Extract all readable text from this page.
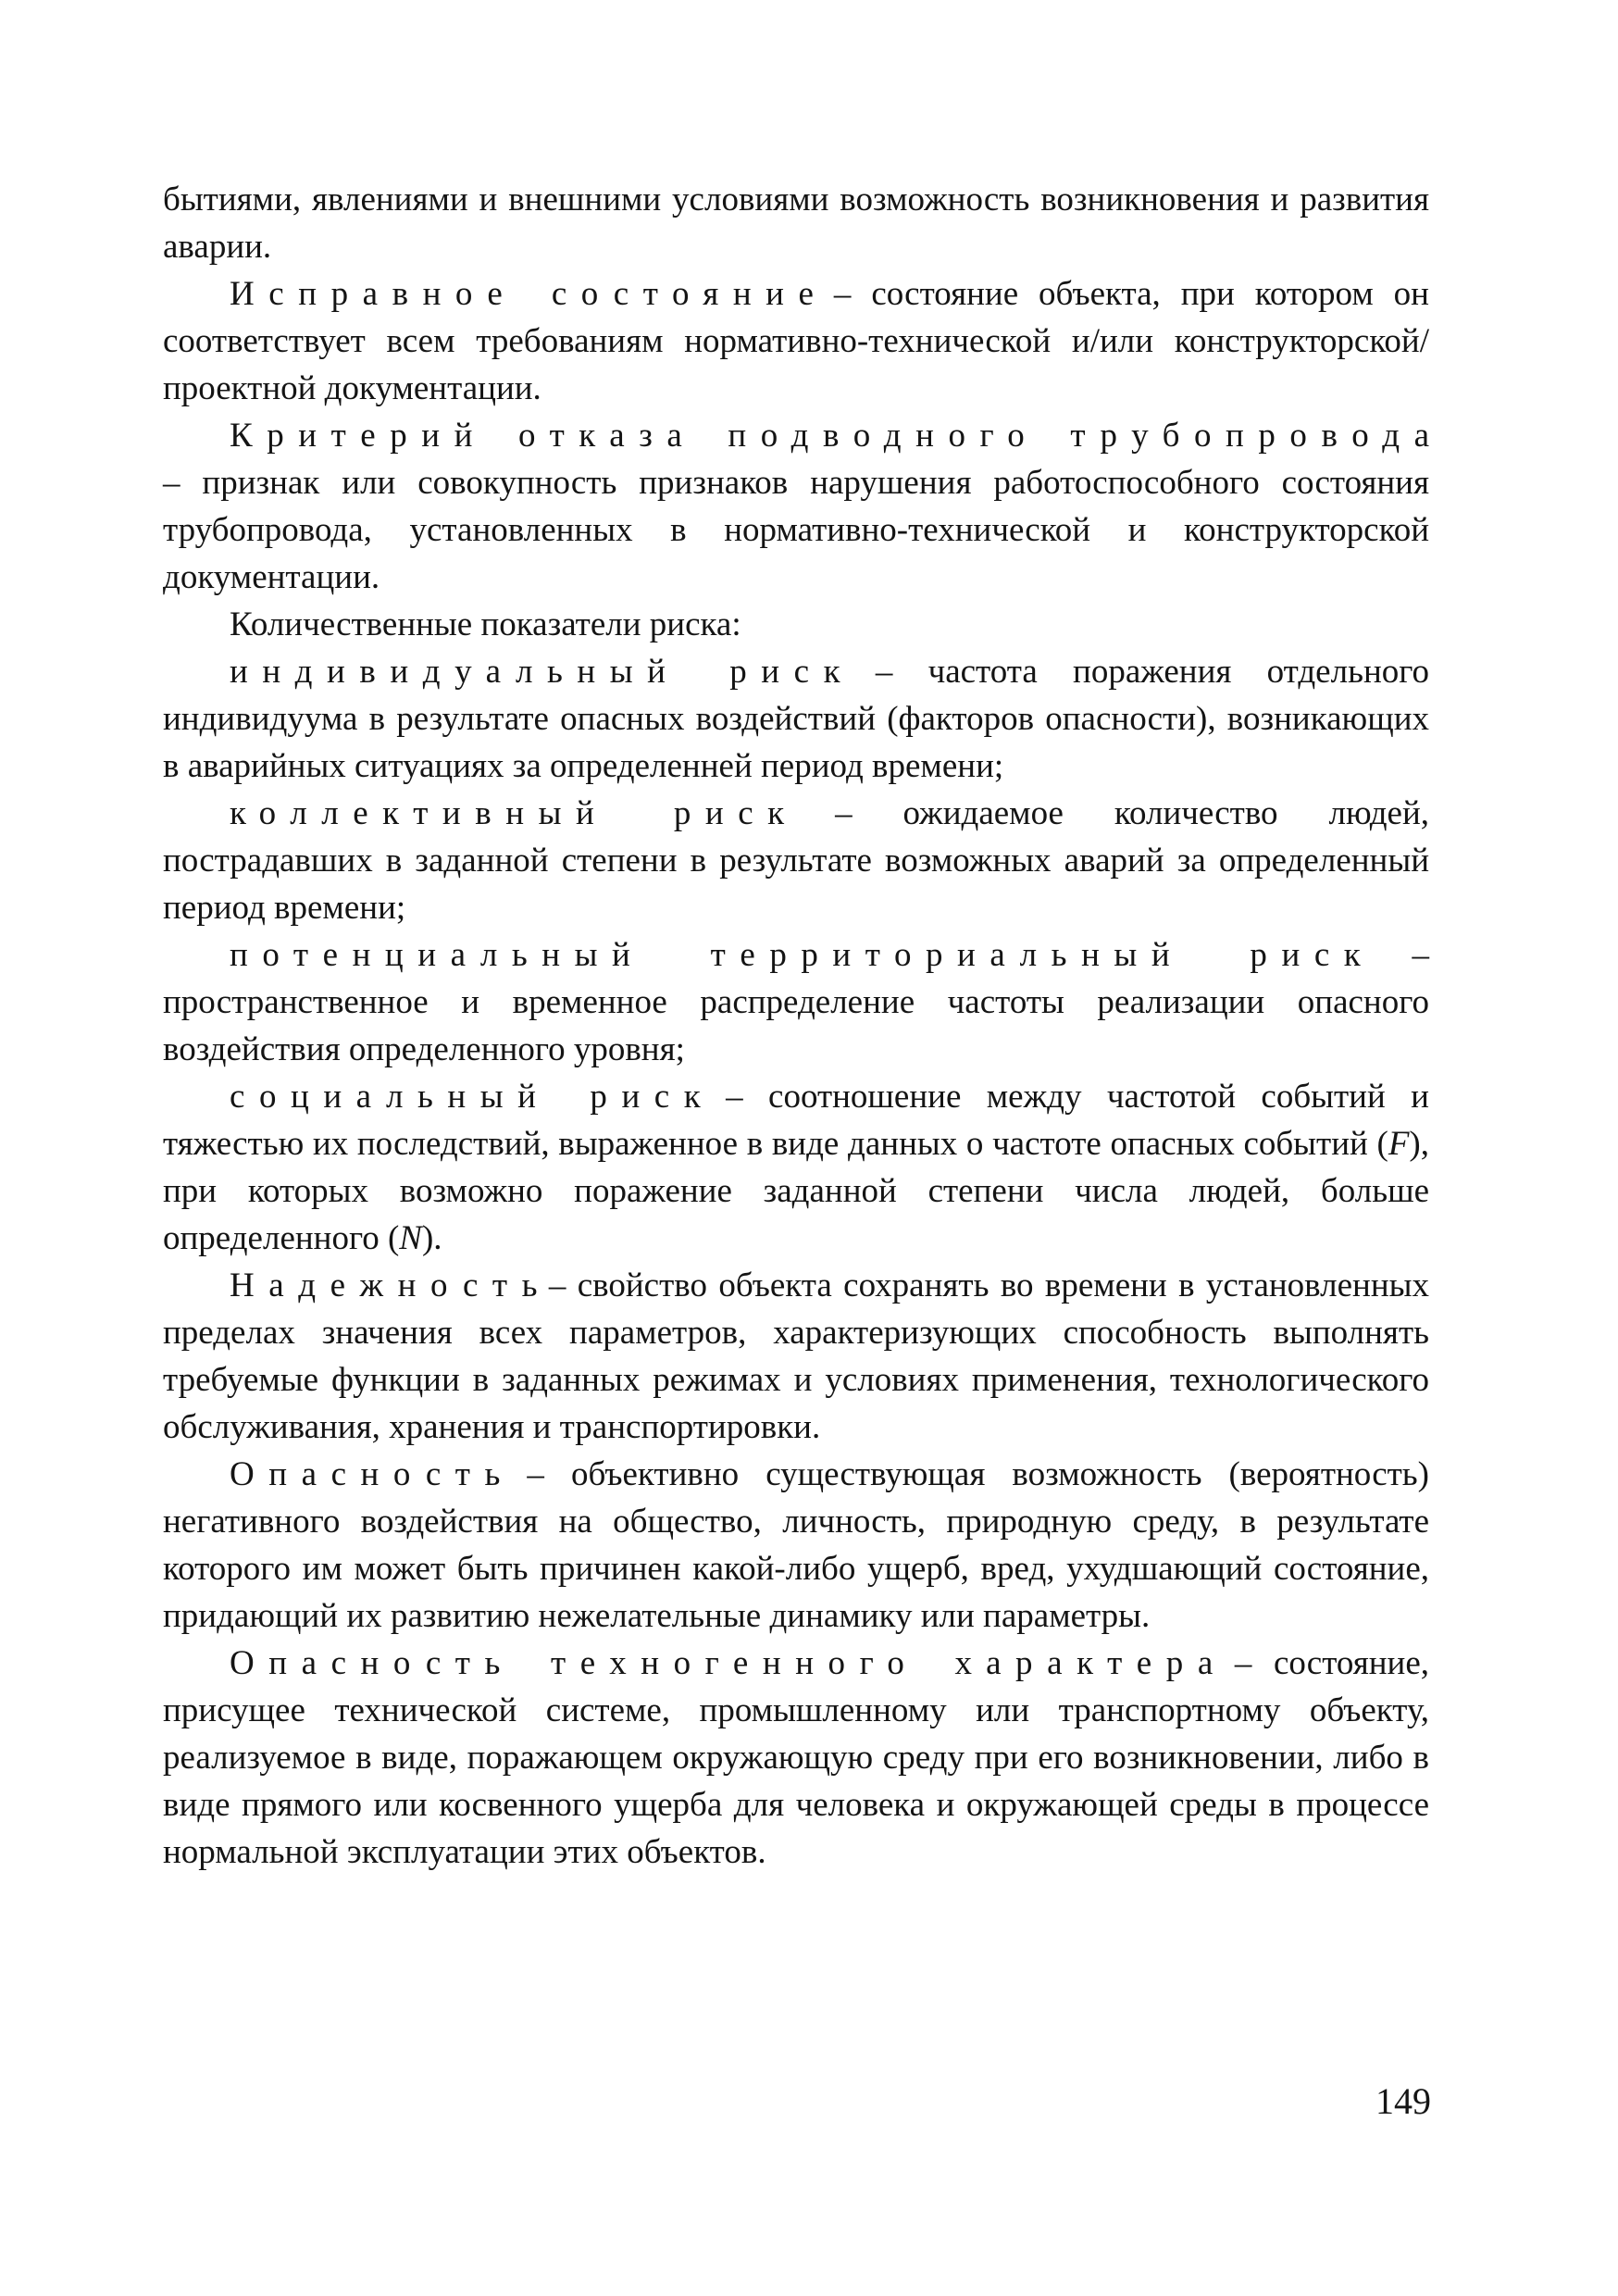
бытиями, явлениями и внешними условиями возможность возникновения и развития аварии.

Исправное состояние – состояние объекта, при котором он соответствует всем требованиям нормативно-технической и/или конструкторской/проектной документации.

Критерий отказа подводного трубопровода – признак или совокупность признаков нарушения работоспособного состояния трубопровода, установленных в нормативно-технической и конструкторской документации.

Количественные показатели риска:

индивидуальный риск – частота поражения отдельного индивидуума в результате опасных воздействий (факторов опасности), возникающих в аварийных ситуациях за определенней период времени;

коллективный риск – ожидаемое количество людей, пострадавших в заданной степени в результате возможных аварий за определенный период времени;

потенциальный территориальный риск – пространственное и временное распределение частоты реализации опасного воздействия определенного уровня;

социальный риск – соотношение между частотой событий и тяжестью их последствий, выраженное в виде данных о частоте опасных событий (F), при которых возможно поражение заданной степени числа людей, больше определенного (N).

Надежность – свойство объекта сохранять во времени в установленных пределах значения всех параметров, характеризующих способность выполнять требуемые функции в заданных режимах и условиях применения, технологического обслуживания, хранения и транспортировки.

Опасность – объективно существующая возможность (вероятность) негативного воздействия на общество, личность, природную среду, в результате которого им может быть причинен какой-либо ущерб, вред, ухудшающий состояние, придающий их развитию нежелательные динамику или параметры.

Опасность техногенного характера – состояние, присущее технической системе, промышленному или транспортному объекту, реализуемое в виде, поражающем окружающую среду при его возникновении, либо в виде прямого или косвенного ущерба для человека и окружающей среды в процессе нормальной эксплуатации этих объектов.

149
